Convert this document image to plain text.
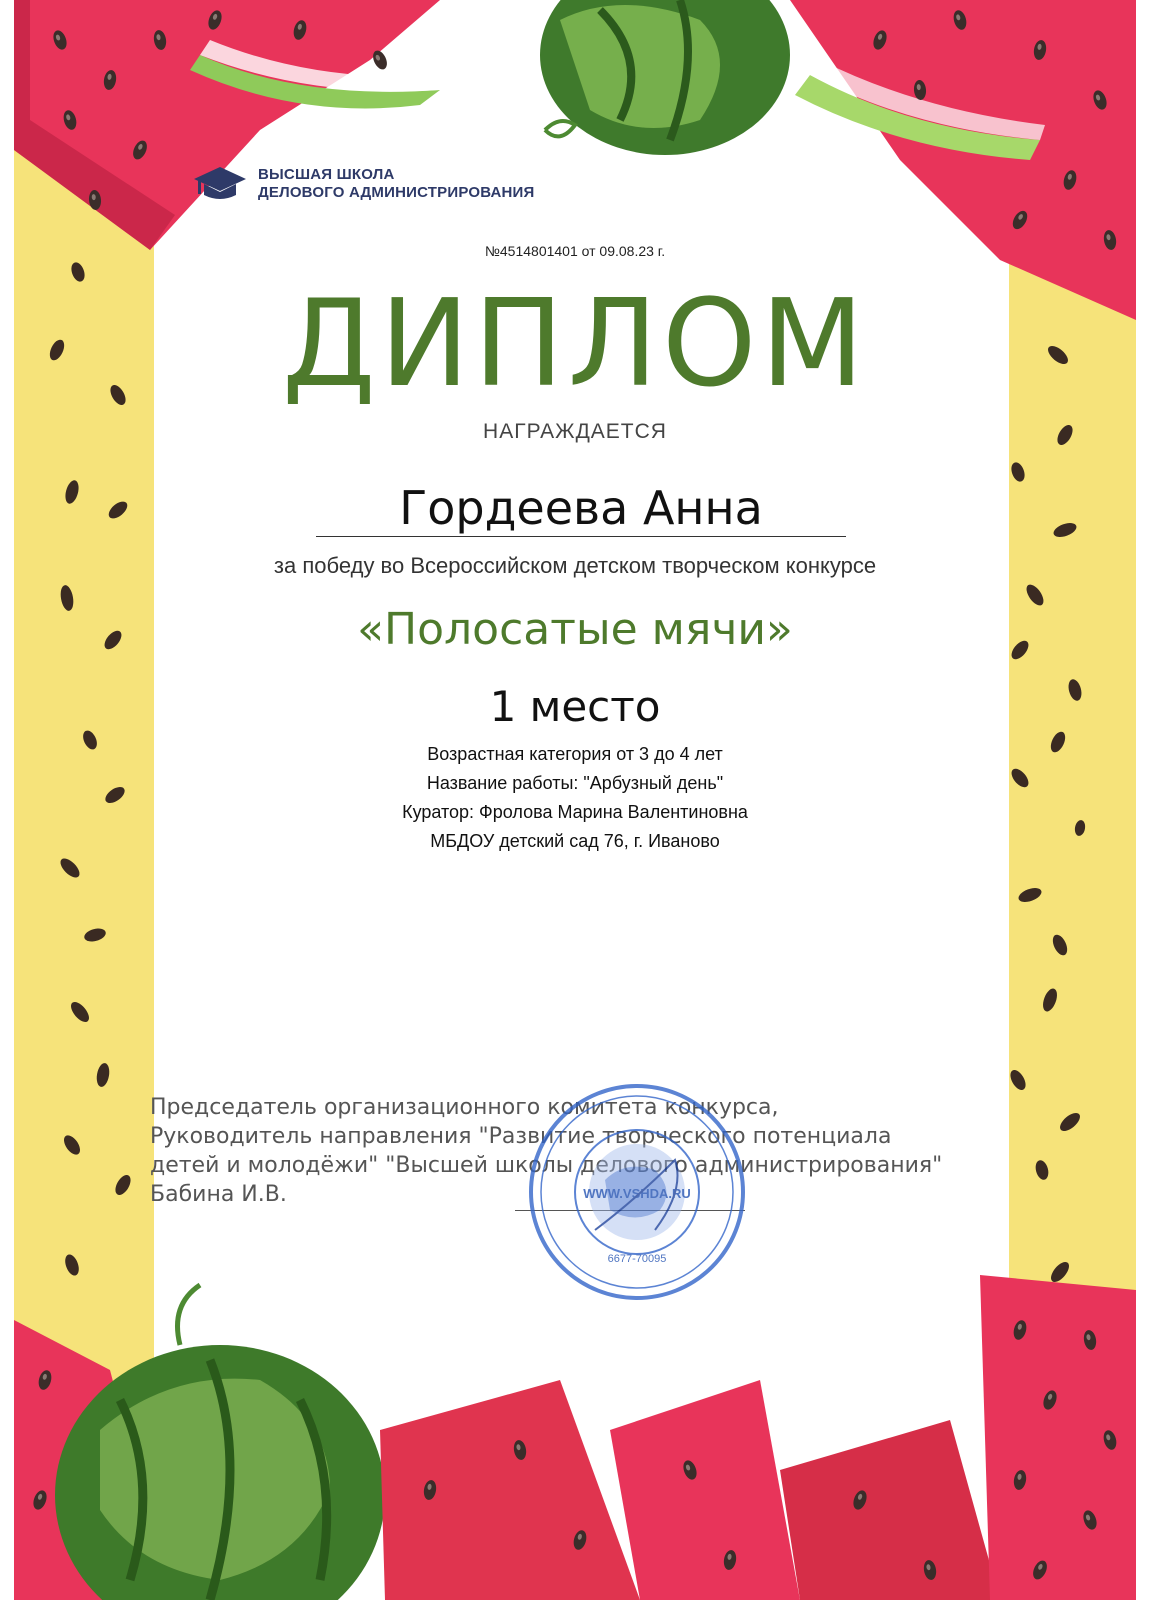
ВЫСШАЯ ШКОЛА
ДЕЛОВОГО АДМИНИСТРИРОВАНИЯ
№4514801401 от 09.08.23 г.
ДИПЛОМ
НАГРАЖДАЕТСЯ
Гордеева Анна
за победу во Всероссийском детском творческом конкурсе
«Полосатые мячи»
1 место
Возрастная категория от 3 до 4 лет
Название работы: "Арбузный день"
Куратор: Фролова Марина Валентиновна
МБДОУ детский сад 76, г. Иваново
Председатель организационного комитета конкурса,
Руководитель направления "Развитие творческого потенциала
детей и молодёжи" "Высшей школы делового администрирования"
Бабина И.В.	WWW.VSHDA.RU
6677-70095
